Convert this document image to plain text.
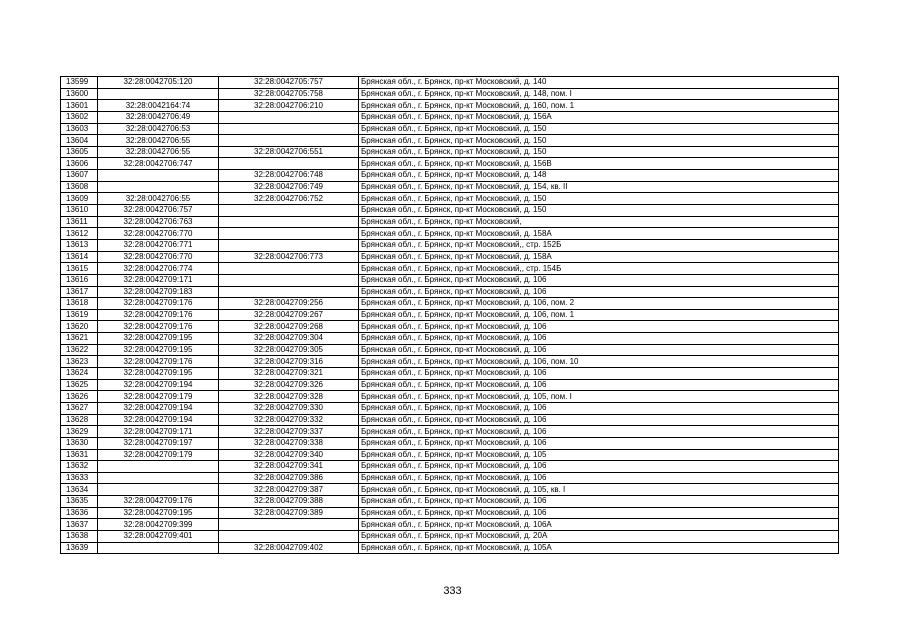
13599	32:28:0042705:120	32:28:0042705:757	Брянская обл., г. Брянск, пр-кт Московский, д. 140
13600		32:28:0042705:758	Брянская обл., г. Брянск, пр-кт Московский, д. 148, пом. I
13601	32:28:0042164:74	32:28:0042706:210	Брянская обл., г. Брянск, пр-кт Московский, д. 160, пом. 1
13602	32:28:0042706:49		Брянская обл., г. Брянск, пр-кт Московский, д. 156А
13603	32:28:0042706:53		Брянская обл., г. Брянск, пр-кт Московский, д. 150
13604	32:28:0042706:55		Брянская обл., г. Брянск, пр-кт Московский, д. 150
13605	32:28:0042706:55	32:28:0042706:551	Брянская обл., г. Брянск, пр-кт Московский, д. 150
13606	32:28:0042706:747		Брянская обл., г. Брянск, пр-кт Московский, д. 156В
13607		32:28:0042706:748	Брянская обл., г. Брянск, пр-кт Московский, д. 148
13608		32:28:0042706:749	Брянская обл., г. Брянск, пр-кт Московский, д. 154, кв. II
13609	32:28:0042706:55	32:28:0042706:752	Брянская обл., г. Брянск, пр-кт Московский, д. 150
13610	32:28:0042706:757		Брянская обл., г. Брянск, пр-кт Московский, д. 150
13611	32:28:0042706:763		Брянская обл., г. Брянск, пр-кт Московский,
13612	32:28:0042706:770		Брянская обл., г. Брянск, пр-кт Московский, д. 158А
13613	32:28:0042706:771		Брянская обл., г. Брянск, пр-кт Московский,, стр. 152Б
13614	32:28:0042706:770	32:28:0042706:773	Брянская обл., г. Брянск, пр-кт Московский, д. 158А
13615	32:28:0042706:774		Брянская обл., г. Брянск, пр-кт Московский,, стр. 154Б
13616	32:28:0042709:171		Брянская обл., г. Брянск, пр-кт Московский, д. 106
13617	32:28:0042709:183		Брянская обл., г. Брянск, пр-кт Московский, д. 106
13618	32:28:0042709:176	32:28:0042709:256	Брянская обл., г. Брянск, пр-кт Московский, д. 106, пом. 2
13619	32:28:0042709:176	32:28:0042709:267	Брянская обл., г. Брянск, пр-кт Московский, д. 106, пом. 1
13620	32:28:0042709:176	32:28:0042709:268	Брянская обл., г. Брянск, пр-кт Московский, д. 106
13621	32:28:0042709:195	32:28:0042709:304	Брянская обл., г. Брянск, пр-кт Московский, д. 106
13622	32:28:0042709:195	32:28:0042709:305	Брянская обл., г. Брянск, пр-кт Московский, д. 106
13623	32:28:0042709:176	32:28:0042709:316	Брянская обл., г. Брянск, пр-кт Московский, д. 106, пом. 10
13624	32:28:0042709:195	32:28:0042709:321	Брянская обл., г. Брянск, пр-кт Московский, д. 106
13625	32:28:0042709:194	32:28:0042709:326	Брянская обл., г. Брянск, пр-кт Московский, д. 106
13626	32:28:0042709:179	32:28:0042709:328	Брянская обл., г. Брянск, пр-кт Московский, д. 105, пом. I
13627	32:28:0042709:194	32:28:0042709:330	Брянская обл., г. Брянск, пр-кт Московский, д. 106
13628	32:28:0042709:194	32:28:0042709:332	Брянская обл., г. Брянск, пр-кт Московский, д. 106
13629	32:28:0042709:171	32:28:0042709:337	Брянская обл., г. Брянск, пр-кт Московский, д. 106
13630	32:28:0042709:197	32:28:0042709:338	Брянская обл., г. Брянск, пр-кт Московский, д. 106
13631	32:28:0042709:179	32:28:0042709:340	Брянская обл., г. Брянск, пр-кт Московский, д. 105
13632		32:28:0042709:341	Брянская обл., г. Брянск, пр-кт Московский, д. 106
13633		32:28:0042709:386	Брянская обл., г. Брянск, пр-кт Московский, д. 106
13634		32:28:0042709:387	Брянская обл., г. Брянск, пр-кт Московский, д. 105, кв. I
13635	32:28:0042709:176	32:28:0042709:388	Брянская обл., г. Брянск, пр-кт Московский, д. 106
13636	32:28:0042709:195	32:28:0042709:389	Брянская обл., г. Брянск, пр-кт Московский, д. 106
13637	32:28:0042709:399		Брянская обл., г. Брянск, пр-кт Московский, д. 106А
13638	32:28:0042709:401		Брянская обл., г. Брянск, пр-кт Московский, д. 20А
13639		32:28:0042709:402	Брянская обл., г. Брянск, пр-кт Московский, д. 105А
333
